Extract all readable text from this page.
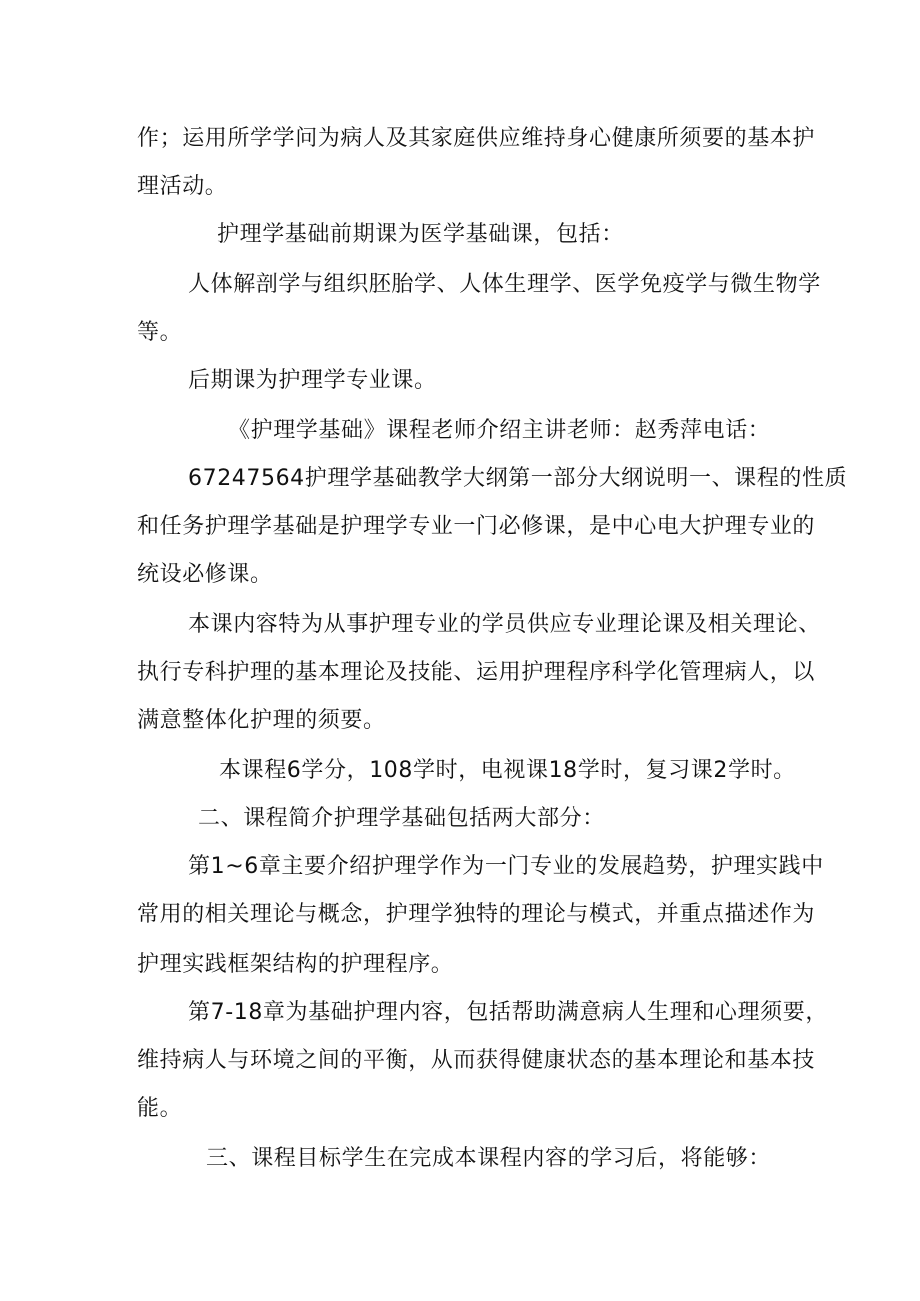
作；运用所学学问为病人及其家庭供应维持身心健康所须要的基本护
理活动。
护理学基础前期课为医学基础课，包括：
人体解剖学与组织胚胎学、人体生理学、医学免疫学与微生物学
等。
后期课为护理学专业课。
《护理学基础》课程老师介绍主讲老师：赵秀萍电话：
67247564护理学基础教学大纲第一部分大纲说明一、课程的性质
和任务护理学基础是护理学专业一门必修课，是中心电大护理专业的
统设必修课。
本课内容特为从事护理专业的学员供应专业理论课及相关理论、
执行专科护理的基本理论及技能、运用护理程序科学化管理病人，以
满意整体化护理的须要。
本课程6学分，108学时，电视课18学时，复习课2学时。
二、课程简介护理学基础包括两大部分：
第1~6章主要介绍护理学作为一门专业的发展趋势，护理实践中
常用的相关理论与概念，护理学独特的理论与模式，并重点描述作为
护理实践框架结构的护理程序。
第7-18章为基础护理内容，包括帮助满意病人生理和心理须要，
维持病人与环境之间的平衡，从而获得健康状态的基本理论和基本技
能。
三、课程目标学生在完成本课程内容的学习后，将能够：
